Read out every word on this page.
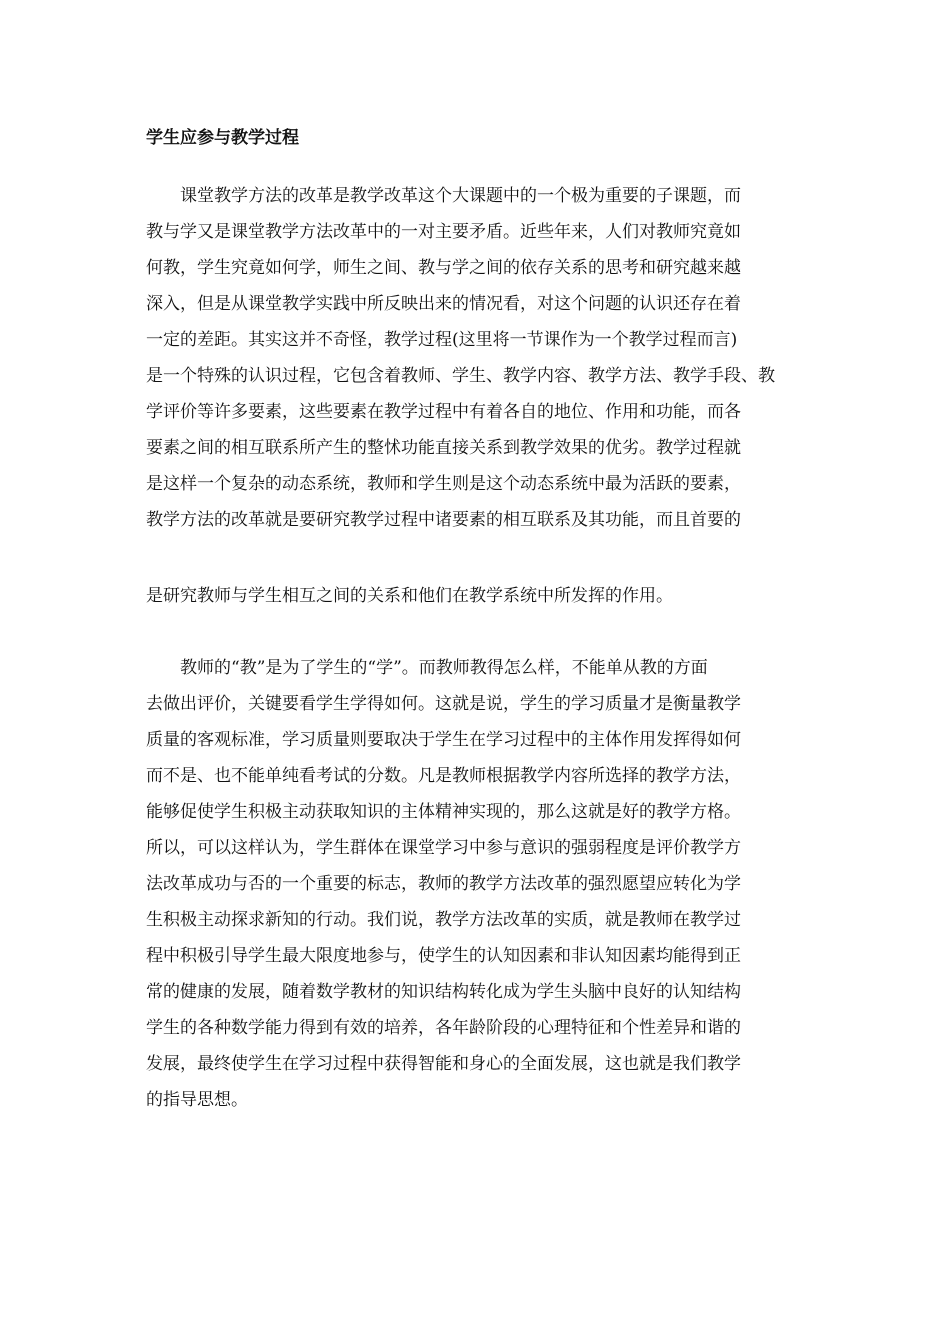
学生应参与教学过程
　　课堂教学方法的改革是教学改革这个大课题中的一个极为重要的子课题，而
教与学又是课堂教学方法改革中的一对主要矛盾。近些年来，人们对教师究竟如
何教，学生究竟如何学，师生之间、教与学之间的依存关系的思考和研究越来越
深入，但是从课堂教学实践中所反映出来的情况看，对这个问题的认识还存在着
一定的差距。其实这并不奇怪，教学过程(这里将一节课作为一个教学过程而言)
是一个特殊的认识过程，它包含着教师、学生、教学内容、教学方法、教学手段、教
学评价等许多要素，这些要素在教学过程中有着各自的地位、作用和功能，而各
要素之间的相互联系所产生的整怵功能直接关系到教学效果的优劣。教学过程就
是这样一个复杂的动态系统，教师和学生则是这个动态系统中最为活跃的要素，
教学方法的改革就是要研究教学过程中诸要素的相互联系及其功能，而且首要的
是研究教师与学生相互之间的关系和他们在教学系统中所发挥的作用。
　　教师的“教”是为了学生的“学”。而教师教得怎么样，不能单从教的方面
去做出评价，关键要看学生学得如何。这就是说，学生的学习质量才是衡量教学
质量的客观标准，学习质量则要取决于学生在学习过程中的主体作用发挥得如何
而不是、也不能单纯看考试的分数。凡是教师根据教学内容所选择的教学方法，
能够促使学生积极主动获取知识的主体精神实现的，那么这就是好的教学方格。
所以，可以这样认为，学生群体在课堂学习中参与意识的强弱程度是评价教学方
法改革成功与否的一个重要的标志，教师的教学方法改革的强烈愿望应转化为学
生积极主动探求新知的行动。我们说，教学方法改革的实质，就是教师在教学过
程中积极引导学生最大限度地参与，使学生的认知因素和非认知因素均能得到正
常的健康的发展，随着数学教材的知识结构转化成为学生头脑中良好的认知结构
学生的各种数学能力得到有效的培养，各年龄阶段的心理特征和个性差异和谐的
发展，最终使学生在学习过程中获得智能和身心的全面发展，这也就是我们教学
的指导思想。
